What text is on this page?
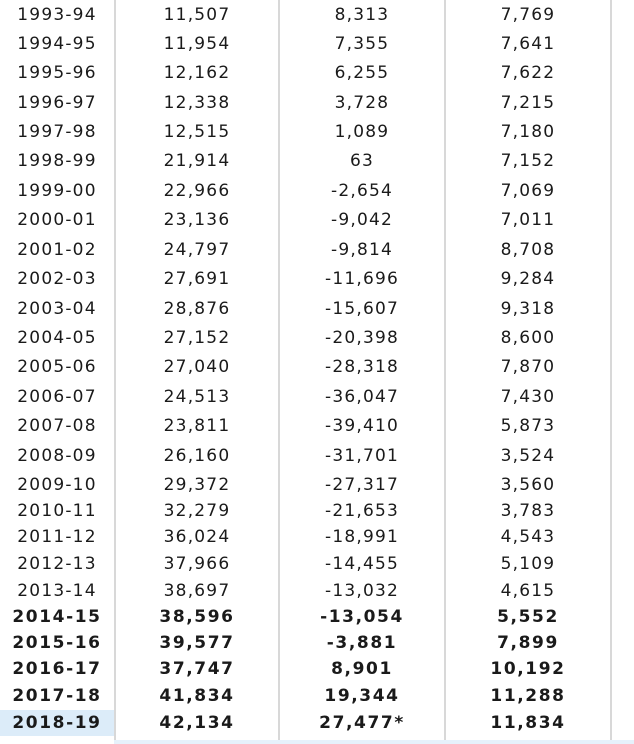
1993-94	11,507	8,313	7,769
1994-95	11,954	7,355	7,641
1995-96	12,162	6,255	7,622
1996-97	12,338	3,728	7,215
1997-98	12,515	1,089	7,180
1998-99	21,914	63	7,152
1999-00	22,966	-2,654	7,069
2000-01	23,136	-9,042	7,011
2001-02	24,797	-9,814	8,708
2002-03	27,691	-11,696	9,284
2003-04	28,876	-15,607	9,318
2004-05	27,152	-20,398	8,600
2005-06	27,040	-28,318	7,870
2006-07	24,513	-36,047	7,430
2007-08	23,811	-39,410	5,873
2008-09	26,160	-31,701	3,524
2009-10	29,372	-27,317	3,560
2010-11	32,279	-21,653	3,783
2011-12	36,024	-18,991	4,543
2012-13	37,966	-14,455	5,109
2013-14	38,697	-13,032	4,615
2014-15	38,596	-13,054	5,552
2015-16	39,577	-3,881	7,899
2016-17	37,747	8,901	10,192
2017-18	41,834	19,344	11,288
2018-19	42,134	27,477*	11,834
